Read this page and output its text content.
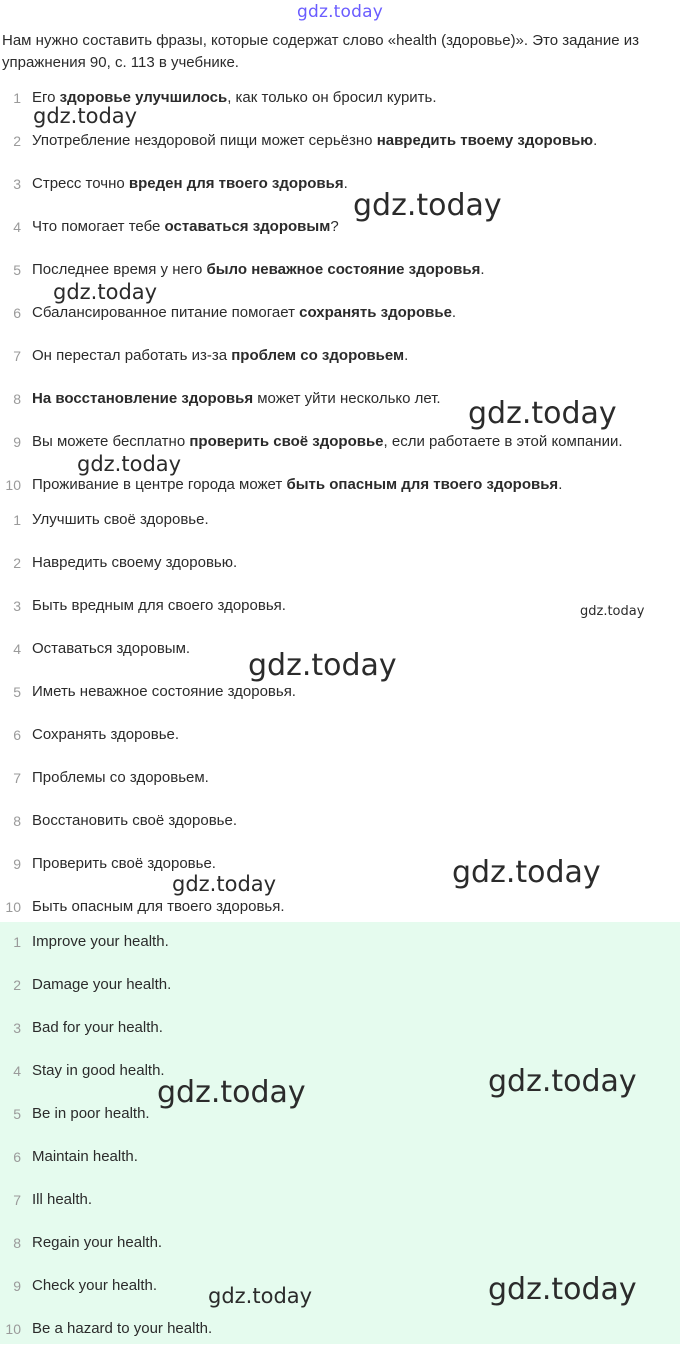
gdz.today
Нам нужно составить фразы, которые содержат слово «health (здоровье)». Это задание из упражнения 90, с. 113 в учебнике.
1 Его здоровье улучшилось, как только он бросил курить.
2 Употребление нездоровой пищи может серьёзно навредить твоему здоровью.
3 Стресс точно вреден для твоего здоровья.
4 Что помогает тебе оставаться здоровым?
5 Последнее время у него было неважное состояние здоровья.
6 Сбалансированное питание помогает сохранять здоровье.
7 Он перестал работать из-за проблем со здоровьем.
8 На восстановление здоровья может уйти несколько лет.
9 Вы можете бесплатно проверить своё здоровье, если работаете в этой компании.
10 Проживание в центре города может быть опасным для твоего здоровья.
1 Улучшить своё здоровье.
2 Навредить своему здоровью.
3 Быть вредным для своего здоровья.
4 Оставаться здоровым.
5 Иметь неважное состояние здоровья.
6 Сохранять здоровье.
7 Проблемы со здоровьем.
8 Восстановить своё здоровье.
9 Проверить своё здоровье.
10 Быть опасным для твоего здоровья.
1 Improve your health.
2 Damage your health.
3 Bad for your health.
4 Stay in good health.
5 Be in poor health.
6 Maintain health.
7 Ill health.
8 Regain your health.
9 Check your health.
10 Be a hazard to your health.
gdz.today
gdz.today
gdz.today
gdz.today
gdz.today
gdz.today
gdz.today
gdz.today
gdz.today
gdz.today
gdz.today
gdz.today
gdz.today
